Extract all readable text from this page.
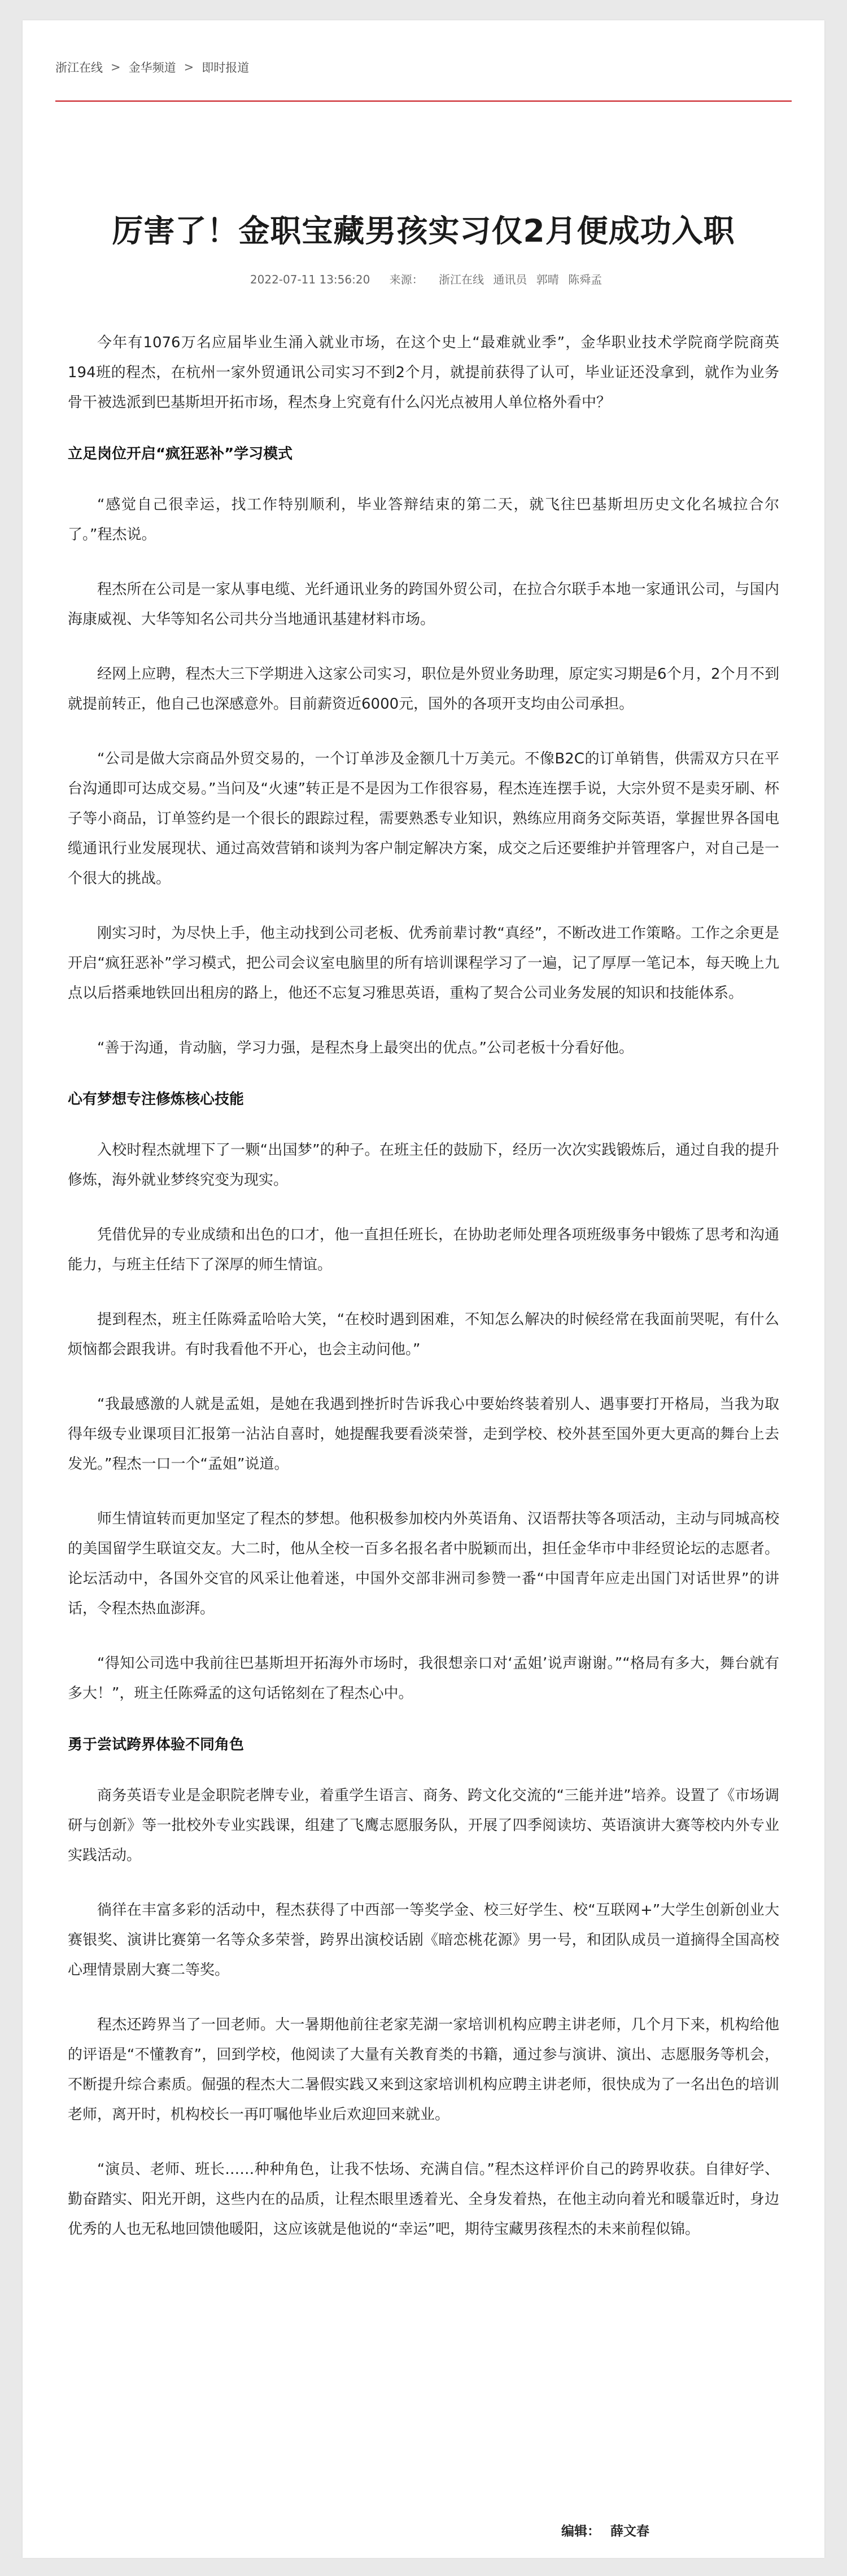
浙江在线 > 金华频道 > 即时报道
厉害了！金职宝藏男孩实习仅2月便成功入职
2022-07-11 13:56:20 来源： 浙江在线 通讯员 郭晴 陈舜孟

今年有1076万名应届毕业生涌入就业市场，在这个史上“最难就业季”，金华职业技术学院商学院商英194班的程杰，在杭州一家外贸通讯公司实习不到2个月，就提前获得了认可，毕业证还没拿到，就作为业务骨干被选派到巴基斯坦开拓市场，程杰身上究竟有什么闪光点被用人单位格外看中？

立足岗位开启“疯狂恶补”学习模式

“感觉自己很幸运，找工作特别顺利，毕业答辩结束的第二天，就飞往巴基斯坦历史文化名城拉合尔了。”程杰说。

程杰所在公司是一家从事电缆、光纤通讯业务的跨国外贸公司，在拉合尔联手本地一家通讯公司，与国内海康威视、大华等知名公司共分当地通讯基建材料市场。

经网上应聘，程杰大三下学期进入这家公司实习，职位是外贸业务助理，原定实习期是6个月，2个月不到就提前转正，他自己也深感意外。目前薪资近6000元，国外的各项开支均由公司承担。

“公司是做大宗商品外贸交易的，一个订单涉及金额几十万美元。不像B2C的订单销售，供需双方只在平台沟通即可达成交易。”当问及“火速”转正是不是因为工作很容易，程杰连连摆手说，大宗外贸不是卖牙刷、杯子等小商品，订单签约是一个很长的跟踪过程，需要熟悉专业知识，熟练应用商务交际英语，掌握世界各国电缆通讯行业发展现状、通过高效营销和谈判为客户制定解决方案，成交之后还要维护并管理客户，对自己是一个很大的挑战。

刚实习时，为尽快上手，他主动找到公司老板、优秀前辈讨教“真经”，不断改进工作策略。工作之余更是开启“疯狂恶补”学习模式，把公司会议室电脑里的所有培训课程学习了一遍，记了厚厚一笔记本，每天晚上九点以后搭乘地铁回出租房的路上，他还不忘复习雅思英语，重构了契合公司业务发展的知识和技能体系。

“善于沟通，肯动脑，学习力强，是程杰身上最突出的优点。”公司老板十分看好他。

心有梦想专注修炼核心技能

入校时程杰就埋下了一颗“出国梦”的种子。在班主任的鼓励下，经历一次次实践锻炼后，通过自我的提升修炼，海外就业梦终究变为现实。

凭借优异的专业成绩和出色的口才，他一直担任班长，在协助老师处理各项班级事务中锻炼了思考和沟通能力，与班主任结下了深厚的师生情谊。

提到程杰，班主任陈舜孟哈哈大笑，“在校时遇到困难，不知怎么解决的时候经常在我面前哭呢，有什么烦恼都会跟我讲。有时我看他不开心，也会主动问他。”

“我最感激的人就是孟姐，是她在我遇到挫折时告诉我心中要始终装着别人、遇事要打开格局，当我为取得年级专业课项目汇报第一沾沾自喜时，她提醒我要看淡荣誉，走到学校、校外甚至国外更大更高的舞台上去发光。”程杰一口一个“孟姐”说道。

师生情谊转而更加坚定了程杰的梦想。他积极参加校内外英语角、汉语帮扶等各项活动，主动与同城高校的美国留学生联谊交友。大二时，他从全校一百多名报名者中脱颖而出，担任金华市中非经贸论坛的志愿者。论坛活动中，各国外交官的风采让他着迷，中国外交部非洲司参赞一番“中国青年应走出国门对话世界”的讲话，令程杰热血澎湃。

“得知公司选中我前往巴基斯坦开拓海外市场时，我很想亲口对‘孟姐’说声谢谢。”“格局有多大，舞台就有多大！”，班主任陈舜孟的这句话铭刻在了程杰心中。

勇于尝试跨界体验不同角色

商务英语专业是金职院老牌专业，着重学生语言、商务、跨文化交流的“三能并进”培养。设置了《市场调研与创新》等一批校外专业实践课，组建了飞鹰志愿服务队，开展了四季阅读坊、英语演讲大赛等校内外专业实践活动。

徜徉在丰富多彩的活动中，程杰获得了中西部一等奖学金、校三好学生、校“互联网+”大学生创新创业大赛银奖、演讲比赛第一名等众多荣誉，跨界出演校话剧《暗恋桃花源》男一号，和团队成员一道摘得全国高校心理情景剧大赛二等奖。

程杰还跨界当了一回老师。大一暑期他前往老家芜湖一家培训机构应聘主讲老师，几个月下来，机构给他的评语是“不懂教育”，回到学校，他阅读了大量有关教育类的书籍，通过参与演讲、演出、志愿服务等机会，不断提升综合素质。倔强的程杰大二暑假实践又来到这家培训机构应聘主讲老师，很快成为了一名出色的培训老师，离开时，机构校长一再叮嘱他毕业后欢迎回来就业。

“演员、老师、班长……种种角色，让我不怯场、充满自信。”程杰这样评价自己的跨界收获。自律好学、勤奋踏实、阳光开朗，这些内在的品质，让程杰眼里透着光、全身发着热，在他主动向着光和暖靠近时，身边优秀的人也无私地回馈他暖阳，这应该就是他说的“幸运”吧，期待宝藏男孩程杰的未来前程似锦。

编辑： 薛文春
